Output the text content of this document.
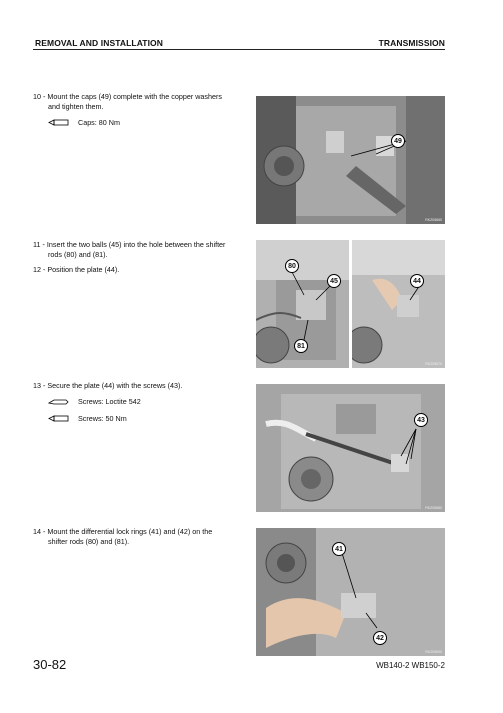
REMOVAL AND INSTALLATION	TRANSMISSION
10 - Mount the caps (49) complete with the copper washers
and tighten them.
Caps: 80 Nm
49
RKZ05660
11 - Insert the two balls (45) into the hole between the shifter
rods (80) and (81).
12 - Position the plate (44).	80
45
81
44
RKZ05670
13 - Secure the plate (44) with the screws (43).
Screws: Loctite 542
Screws: 50 Nm	43
RKZ05680
14 - Mount the differential lock rings (41) and (42) on the
shifter rods (80) and (81).
41
42
RKZ05690
30-82	WB140-2 WB150-2
